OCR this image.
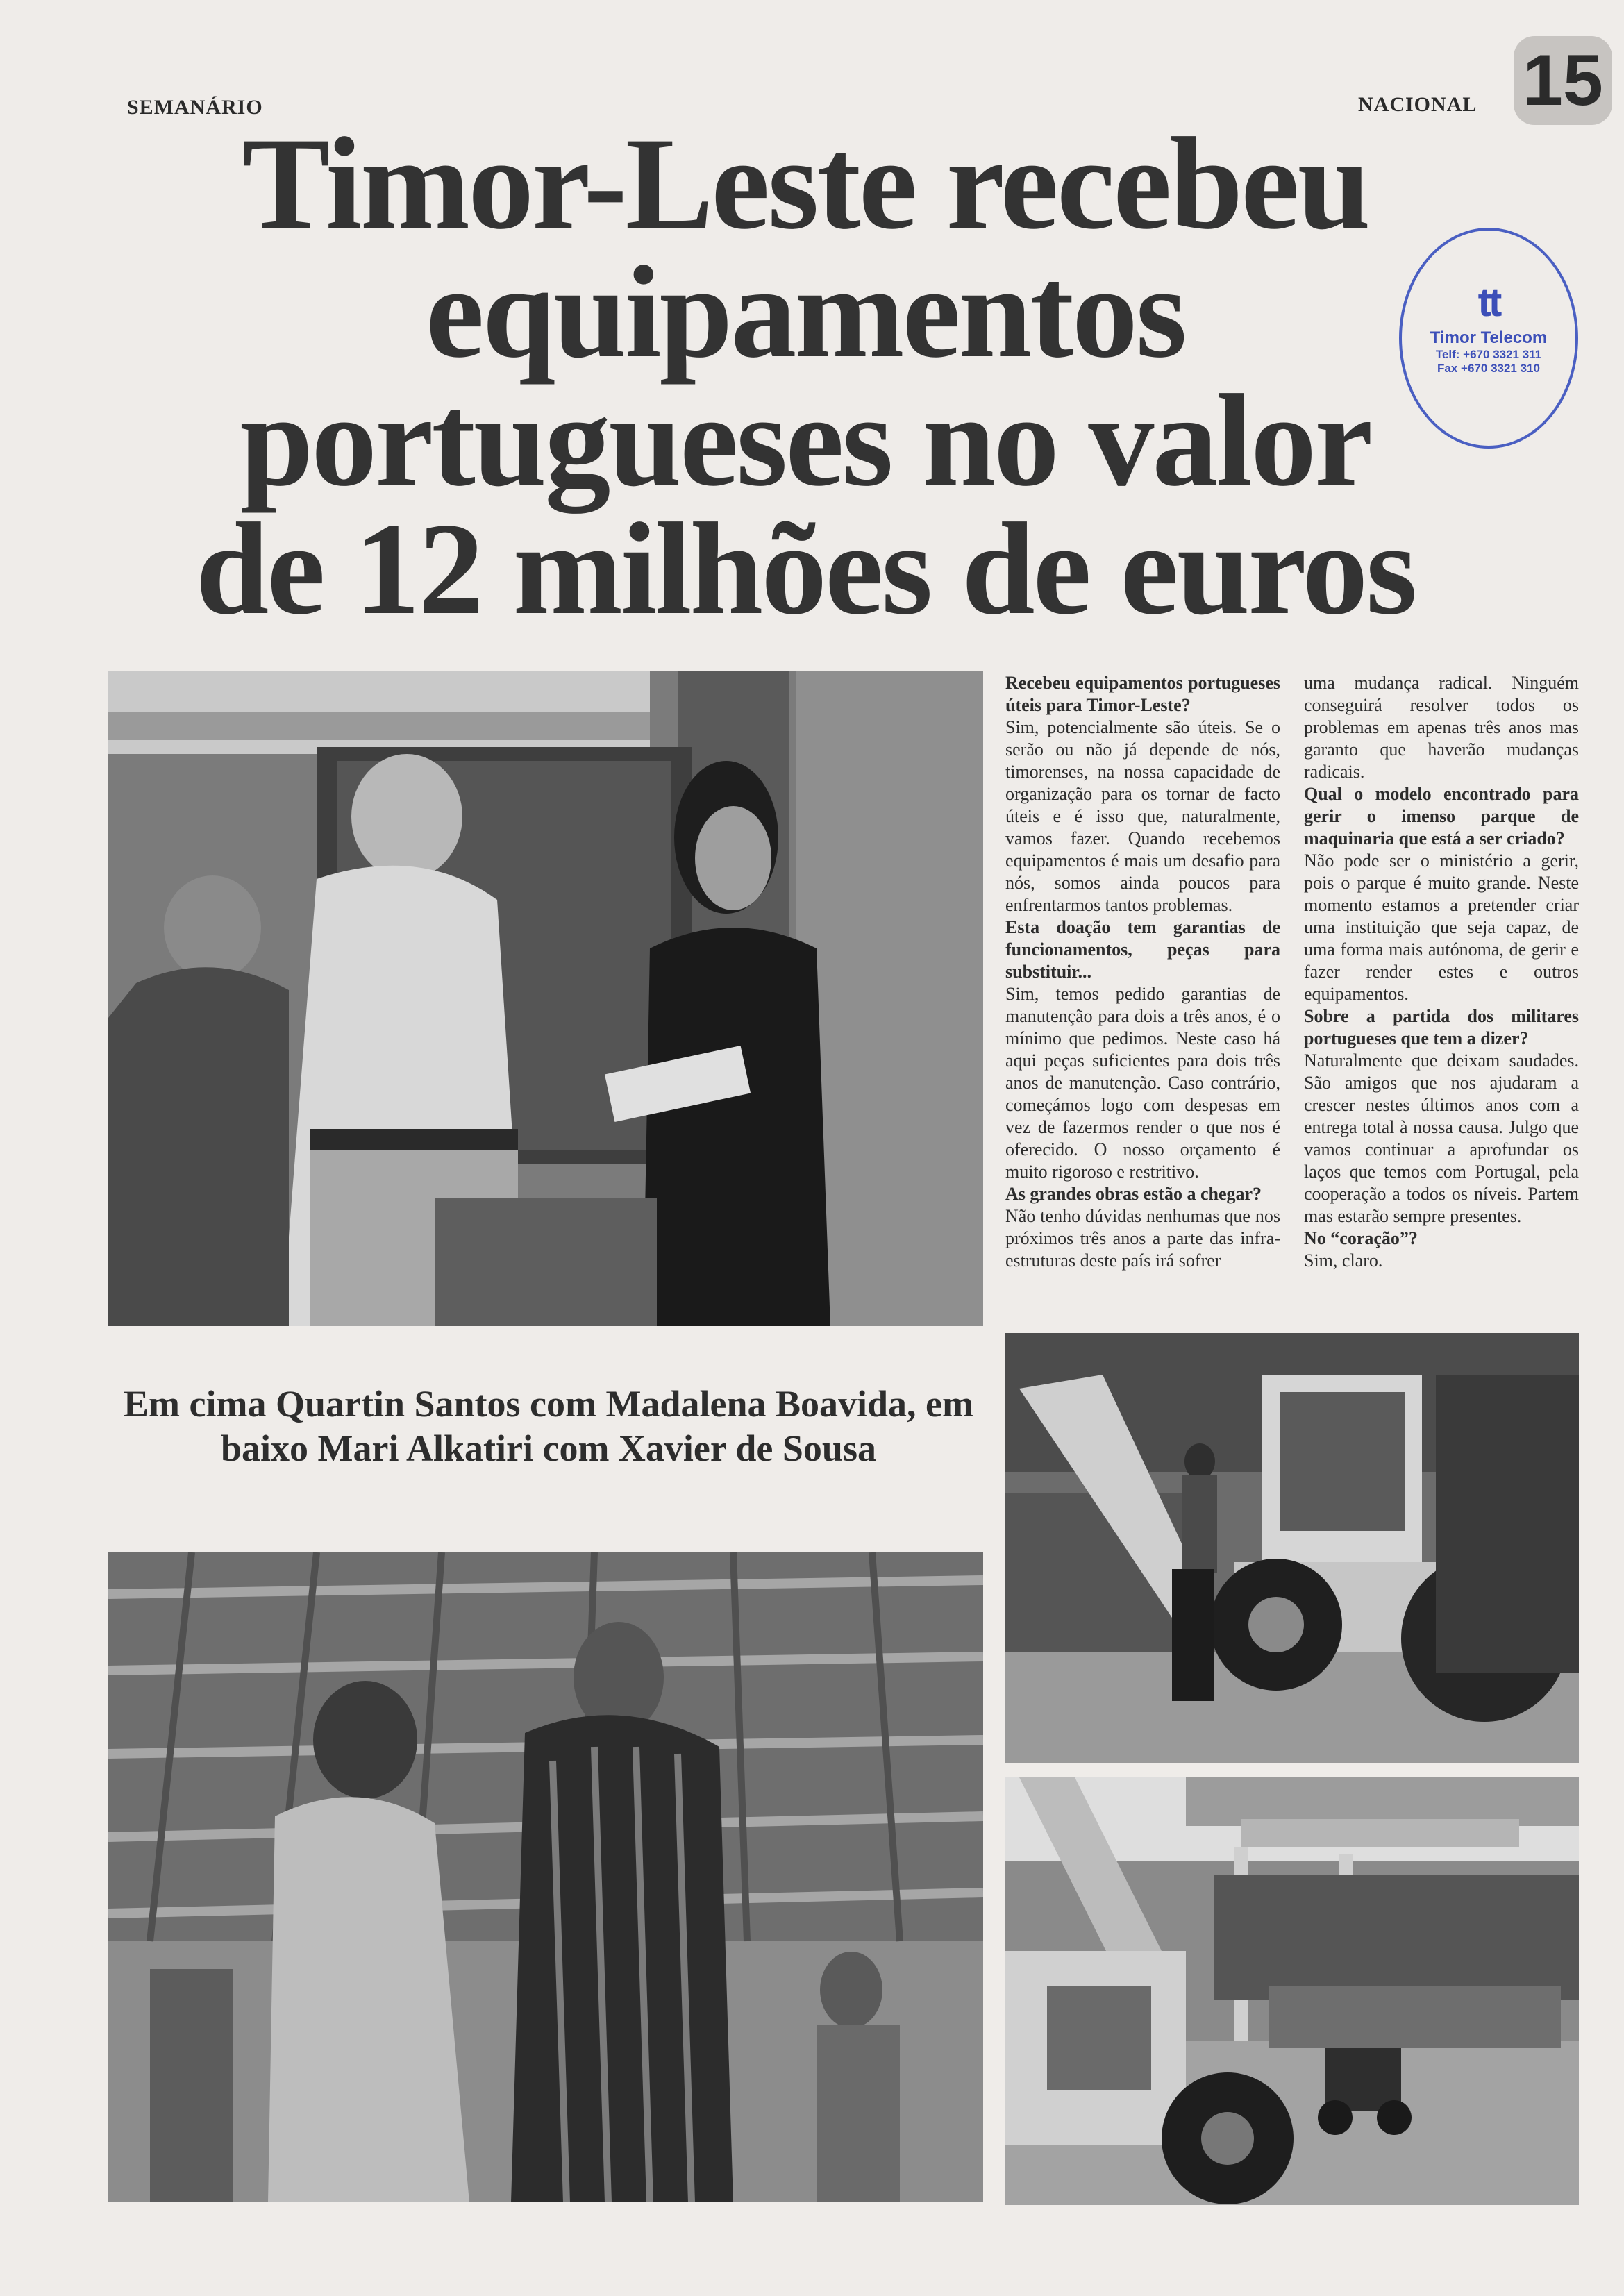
SEMANÁRIO	NACIONAL 15
Timor-Leste recebeu
equipamentos
portugueses no valor
de 12 milhões de euros
tt
Timor Telecom
Telf: +670 3321 311
Fax +670 3321 310
Em cima Quartin Santos com Madalena Boavida, em baixo Mari Alkatiri com Xavier de Sousa

Recebeu equipamentos portugueses úteis para Timor-Leste?

Sim, potencialmente são úteis. Se o serão ou não já depende de nós, timorenses, na nossa capacidade de organização para os tornar de facto úteis e é isso que, naturalmente, vamos fazer. Quando recebemos equipamentos é mais um desafio para nós, somos ainda poucos para enfrentarmos tantos problemas.

Esta doação tem garantias de funcionamentos, peças para substituir...

Sim, temos pedido garantias de manutenção para dois a três anos, é o mínimo que pedimos. Neste caso há aqui peças suficientes para dois três anos de manutenção. Caso contrário, começámos logo com despesas em vez de fazermos render o que nos é oferecido. O nosso orçamento é muito rigoroso e restritivo.

As grandes obras estão a chegar?

Não tenho dúvidas nenhumas que nos próximos três anos a parte das infra-estruturas deste país irá sofrer

uma mudança radical. Ninguém conseguirá resolver todos os problemas em apenas três anos mas garanto que haverão mudanças radicais.

Qual o modelo encontrado para gerir o imenso parque de maquinaria que está a ser criado?

Não pode ser o ministério a gerir, pois o parque é muito grande. Neste momento estamos a pretender criar uma instituição que seja capaz, de uma forma mais autónoma, de gerir e fazer render estes e outros equipamentos.

Sobre a partida dos militares portugueses que tem a dizer?

Naturalmente que deixam saudades. São amigos que nos ajudaram a crescer nestes últimos anos com a entrega total à nossa causa. Julgo que vamos continuar a aprofundar os laços que temos com Portugal, pela cooperação a todos os níveis. Partem mas estarão sempre presentes.

No “coração”?

Sim, claro.
